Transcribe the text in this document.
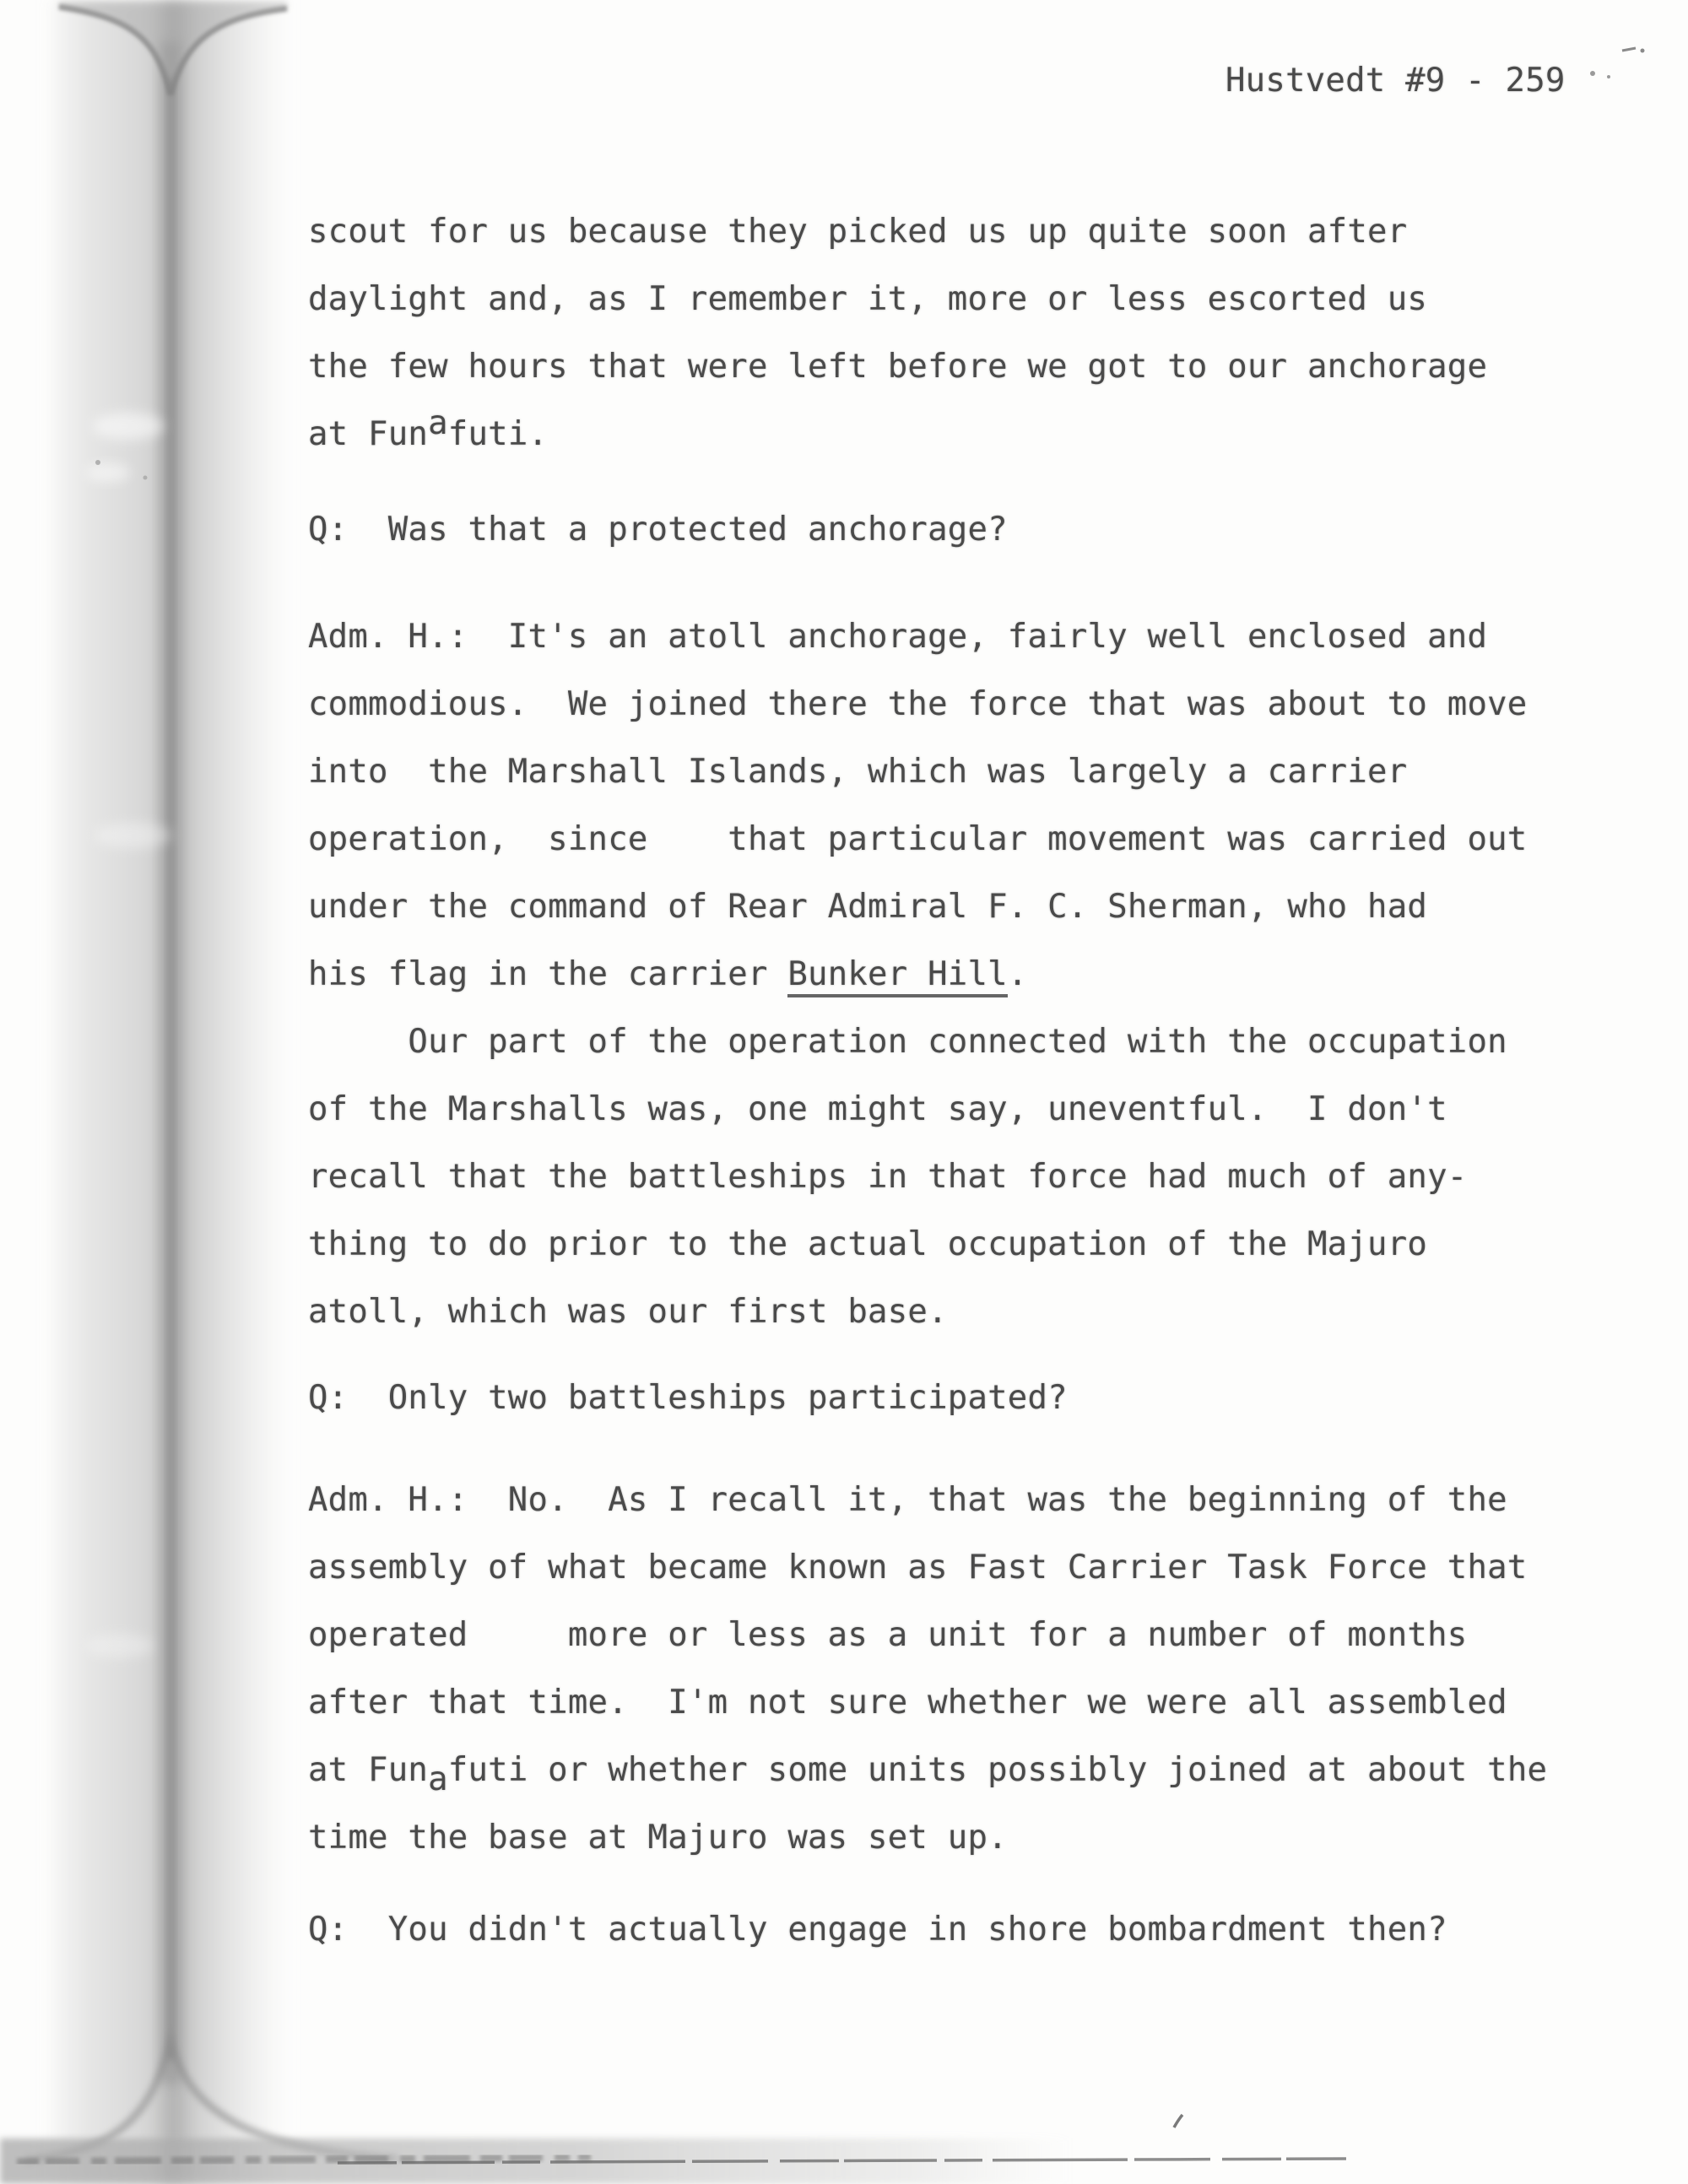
Hustvedt #9 - 259
scout for us because they picked us up quite soon after
daylight and, as I remember it, more or less escorted us
the few hours that were left before we got to our anchorage
at Funafuti.
Q:  Was that a protected anchorage?
Adm. H.:  It's an atoll anchorage, fairly well enclosed and
commodious.  We joined there the force that was about to move
into  the Marshall Islands, which was largely a carrier
operation,  since    that particular movement was carried out
under the command of Rear Admiral F. C. Sherman, who had
his flag in the carrier Bunker Hill.
Our part of the operation connected with the occupation
of the Marshalls was, one might say, uneventful.  I don't
recall that the battleships in that force had much of any-
thing to do prior to the actual occupation of the Majuro
atoll, which was our first base.
Q:  Only two battleships participated?
Adm. H.:  No.  As I recall it, that was the beginning of the
assembly of what became known as Fast Carrier Task Force that
operated     more or less as a unit for a number of months
after that time.  I'm not sure whether we were all assembled
at Funafuti or whether some units possibly joined at about the
time the base at Majuro was set up.
Q:  You didn't actually engage in shore bombardment then?
